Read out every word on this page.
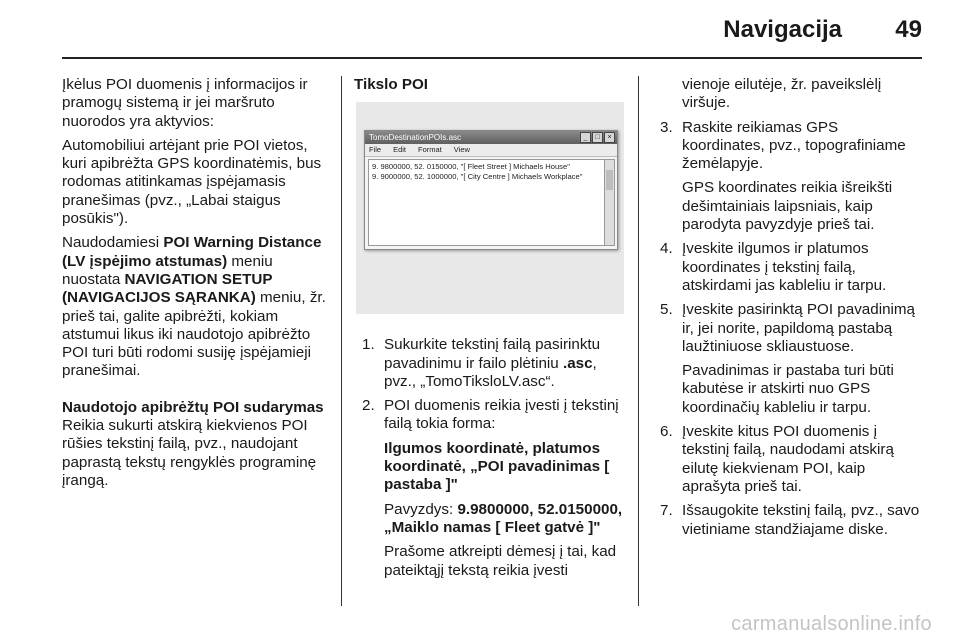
Navigacija 49

Įkėlus POI duomenis į informacijos ir pramogų sistemą ir jei maršruto nuorodos yra aktyvios:

Automobiliui artėjant prie POI vietos, kuri apibrėžta GPS koordinatėmis, bus rodomas atitinkamas įspėjamasis pranešimas (pvz., „Labai staigus posūkis").

Naudodamiesi POI Warning Distance (LV įspėjimo atstumas) meniu nuostata NAVIGATION SETUP (NAVIGACIJOS SĄRANKA) meniu, žr. prieš tai, galite apibrėžti, kokiam atstumui likus iki naudotojo apibrėžto POI turi būti rodomi susiję įspėjamieji pranešimai.

Naudotojo apibrėžtų POI sudarymas

Reikia sukurti atskirą kiekvienos POI rūšies tekstinį failą, pvz., naudojant paprastą tekstų rengyklės programinę įrangą.

Tikslo POI

TomoDestinationPOIs.asc	_	□	×
File Edit Format View
9. 9800000, 52. 0150000, "[ Fleet Street ] Michaels House"
9. 9000000, 52. 1000000, "[ City Centre ] Michaels Workplace"
1. Sukurkite tekstinį failą pasirinktu pavadinimu ir failo plėtiniu .asc, pvz., „TomoTiksloLV.asc“.

2. POI duomenis reikia įvesti į tekstinį failą tokia forma:

Ilgumos koordinatė, platumos koordinatė, „POI pavadinimas [ pastaba ]"

Pavyzdys: 9.9800000, 52.0150000, „Maiklo namas [ Fleet gatvė ]"

Prašome atkreipti dėmesį į tai, kad pateiktąjį tekstą reikia įvesti

vienoje eilutėje, žr. paveikslėlį viršuje.

3. Raskite reikiamas GPS koordinates, pvz., topografiniame žemėlapyje.

GPS koordinates reikia išreikšti dešimtainiais laipsniais, kaip parodyta pavyzdyje prieš tai.

4. Įveskite ilgumos ir platumos koordinates į tekstinį failą, atskirdami jas kableliu ir tarpu.

5. Įveskite pasirinktą POI pavadinimą ir, jei norite, papildomą pastabą laužtiniuose skliaustuose.

Pavadinimas ir pastaba turi būti kabutėse ir atskirti nuo GPS koordinačių kableliu ir tarpu.

6. Įveskite kitus POI duomenis į tekstinį failą, naudodami atskirą eilutę kiekvienam POI, kaip aprašyta prieš tai.

7. Išsaugokite tekstinį failą, pvz., savo vietiniame standžiajame diske.

carmanualsonline.info
